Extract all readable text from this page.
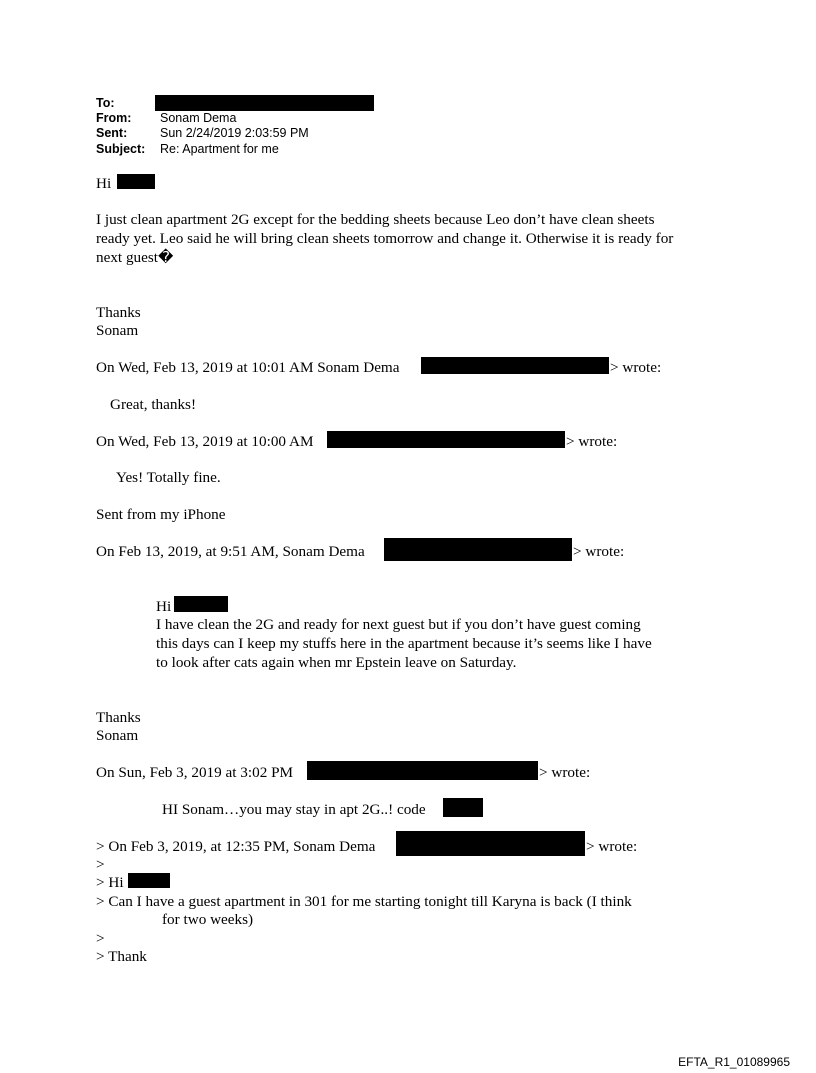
To:
From: Sonam Dema
Sent:	Sun 2/24/2019 2:03:59 PM
Subject: Re: Apartment for me
Hi
I just clean apartment 2G except for the bedding sheets because Leo don’t have clean sheets
ready yet. Leo said he will bring clean sheets tomorrow and change it. Otherwise it is ready for
next guest�
Thanks
Sonam
On Wed, Feb 13, 2019 at 10:01 AM Sonam Dema	> wrote:
Great, thanks!
On Wed, Feb 13, 2019 at 10:00 AM	> wrote:
Yes! Totally fine.
Sent from my iPhone
On Feb 13, 2019, at 9:51 AM, Sonam Dema	> wrote:
Hi
I have clean the 2G and ready for next guest but if you don’t have guest coming
this days can I keep my stuffs here in the apartment because it’s seems like I have
to look after cats again when mr Epstein leave on Saturday.
Thanks
Sonam
On Sun, Feb 3, 2019 at 3:02 PM	> wrote:
HI Sonam…you may stay in apt 2G..! code
> On Feb 3, 2019, at 12:35 PM, Sonam Dema	> wrote:
>
> Hi
> Can I have a guest apartment in 301 for me starting tonight till Karyna is back (I think
for two weeks)
>
> Thank
EFTA_R1_01089965
